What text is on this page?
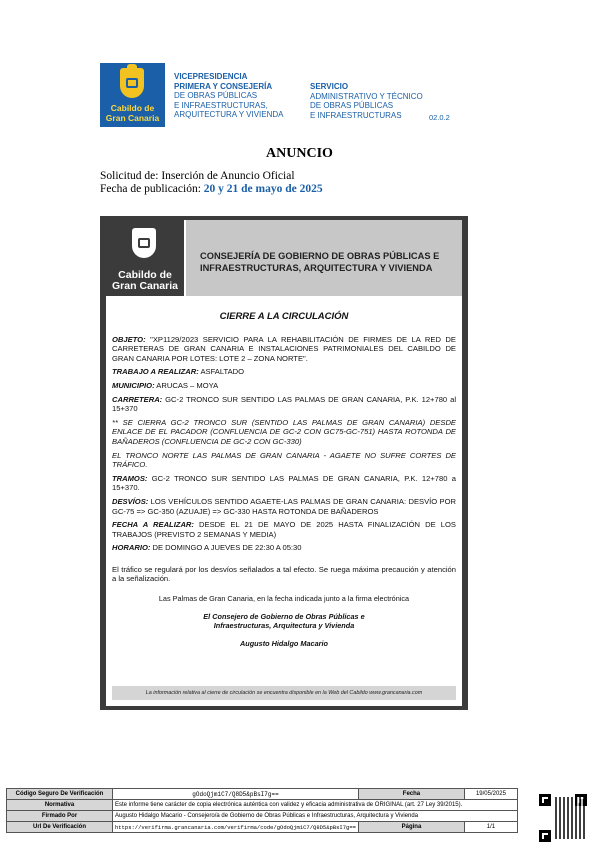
Cabildo de
Gran Canaria
VICEPRESIDENCIA
PRIMERA Y CONSEJERÍA
DE OBRAS PÚBLICAS
E INFRAESTRUCTURAS,
ARQUITECTURA Y VIVIENDA
SERVICIO
ADMINISTRATIVO Y TÉCNICO
DE OBRAS PÚBLICAS
E INFRAESTRUCTURAS	02.0.2
ANUNCIO
Solicitud de: Inserción de Anuncio Oficial
Fecha de publicación: 20 y 21 de mayo de 2025
Cabildo de
Gran Canaria
CONSEJERÍA DE GOBIERNO DE OBRAS PÚBLICAS E INFRAESTRUCTURAS, ARQUITECTURA Y VIVIENDA
CIERRE A LA CIRCULACIÓN

OBJETO: "XP1129/2023 SERVICIO PARA LA REHABILITACIÓN DE FIRMES DE LA RED DE CARRETERAS DE GRAN CANARIA E INSTALACIONES PATRIMONIALES DEL CABILDO DE GRAN CANARIA POR LOTES: LOTE 2 – ZONA NORTE".

TRABAJO A REALIZAR: ASFALTADO

MUNICIPIO: ARUCAS – MOYA

CARRETERA: GC-2 TRONCO SUR SENTIDO LAS PALMAS DE GRAN CANARIA, P.K. 12+780 al 15+370

** SE CIERRA GC-2 TRONCO SUR (SENTIDO LAS PALMAS DE GRAN CANARIA) DESDE ENLACE DE EL PACADOR (CONFLUENCIA DE GC-2 CON GC75-GC-751) HASTA ROTONDA DE BAÑADEROS (CONFLUENCIA DE GC-2 CON GC-330)

EL TRONCO NORTE LAS PALMAS DE GRAN CANARIA - AGAETE NO SUFRE CORTES DE TRÁFICO.

TRAMOS: GC-2 TRONCO SUR SENTIDO LAS PALMAS DE GRAN CANARIA, P.K. 12+780 a 15+370.

DESVÍOS: LOS VEHÍCULOS SENTIDO AGAETE-LAS PALMAS DE GRAN CANARIA: DESVÍO POR GC-75 => GC-350 (AZUAJE) => GC-330 HASTA ROTONDA DE BAÑADEROS

FECHA A REALIZAR: DESDE EL 21 DE MAYO DE 2025 HASTA FINALIZACIÓN DE LOS TRABAJOS (PREVISTO 2 SEMANAS Y MEDIA)

HORARIO: DE DOMINGO A JUEVES DE 22:30 A 05:30

El tráfico se regulará por los desvíos señalados a tal efecto. Se ruega máxima precaución y atención a la señalización.

Las Palmas de Gran Canaria, en la fecha indicada junto a la firma electrónica

El Consejero de Gobierno de Obras Públicas e
Infraestructuras, Arquitectura y Vivienda
Augusto Hidalgo Macario
La información relativa al cierre de circulación se encuentra disponible en la Web del Cabildo www.grancanaria.com
Código Seguro De Verificación	gOdoQjm1C7/Q8D5&pBsI7g==	Fecha	19/05/2025
Normativa	Este informe tiene carácter de copia electrónica auténtica con validez y eficacia administrativa de ORIGINAL (art. 27 Ley 39/2015).		
Firmado Por	Augusto Hidalgo Macario - Consejero/a de Gobierno de Obras Públicas e Infraestructuras, Arquitectura y Vivienda		
Url De Verificación	https://verifirma.grancanaria.com/verifirma/code/gOdoQjm1C7/Q8D5&pBsI7g==	Página	1/1
